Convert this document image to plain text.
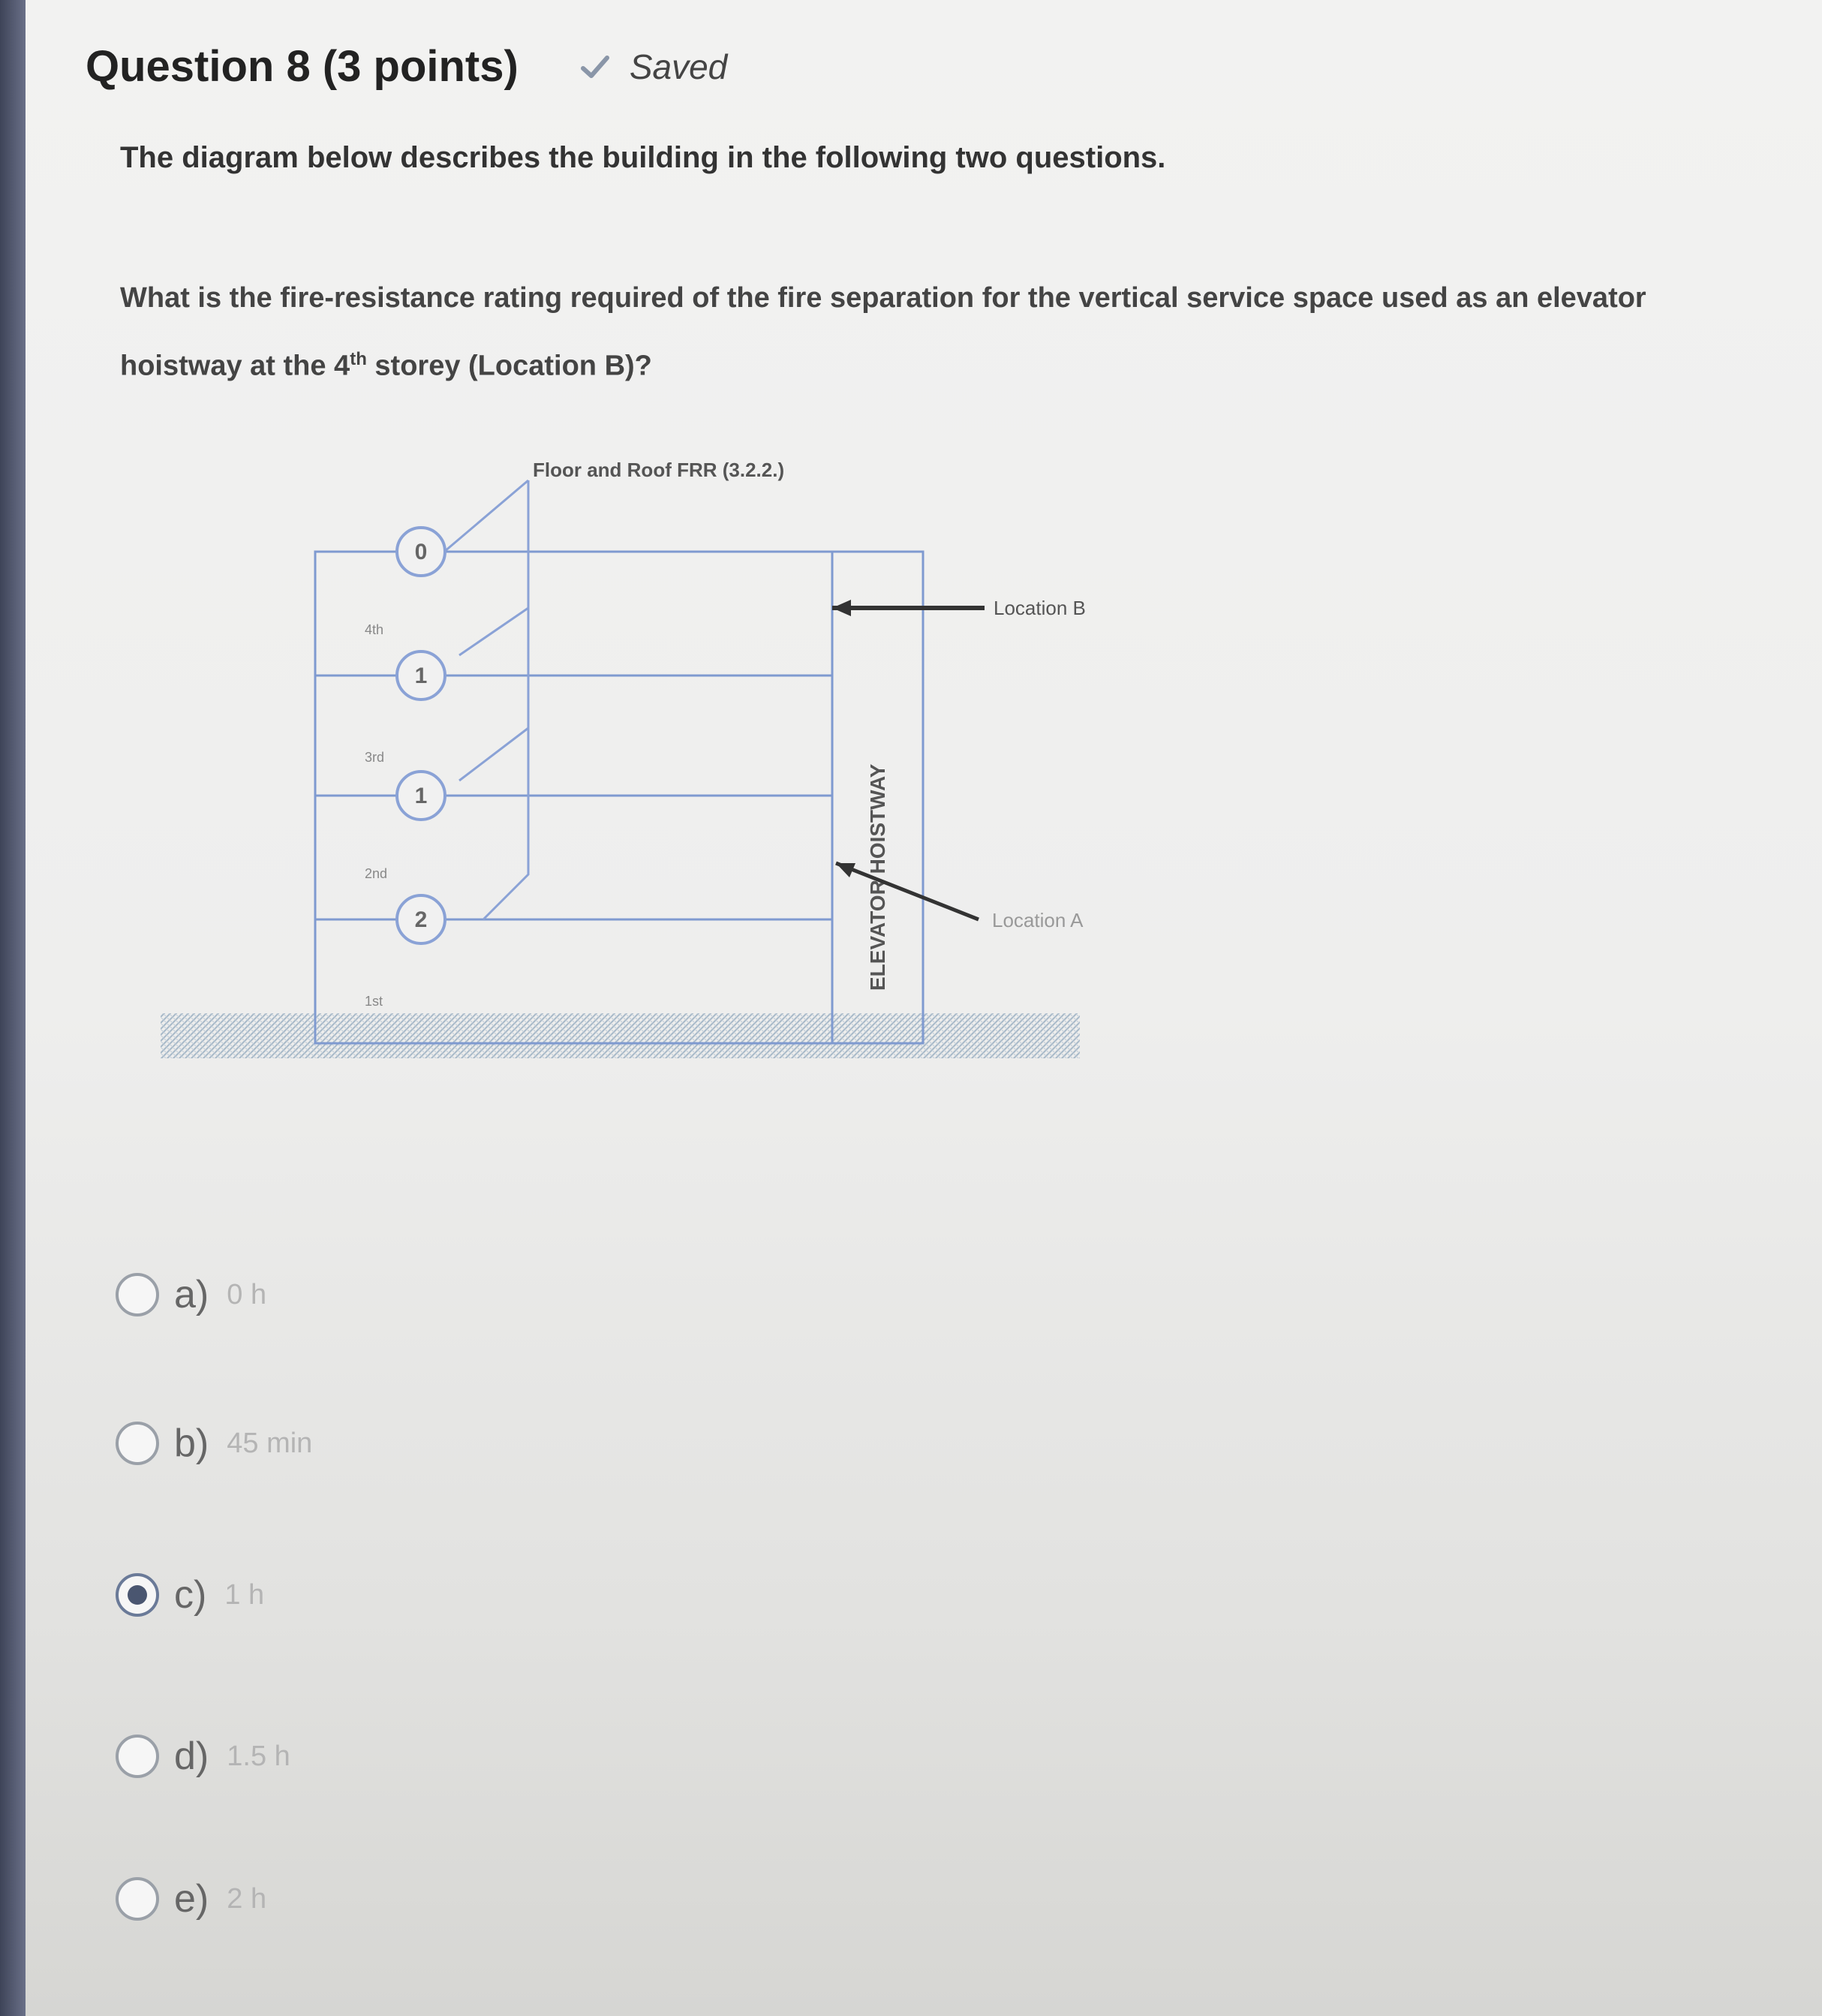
Question 8 (3 points)	Saved
The diagram below describes the building in the following two questions.
What is the fire-resistance rating required of the fire separation for the vertical service space used as an elevator hoistway at the 4th storey (Location B)?
Floor and Roof FRR (3.2.2.)
0
1
1
2
4th
3rd
2nd
1st
ELEVATOR HOISTWAY
Location B
Location A
a) 0 h
b) 45 min
c) 1 h
d) 1.5 h
e) 2 h
